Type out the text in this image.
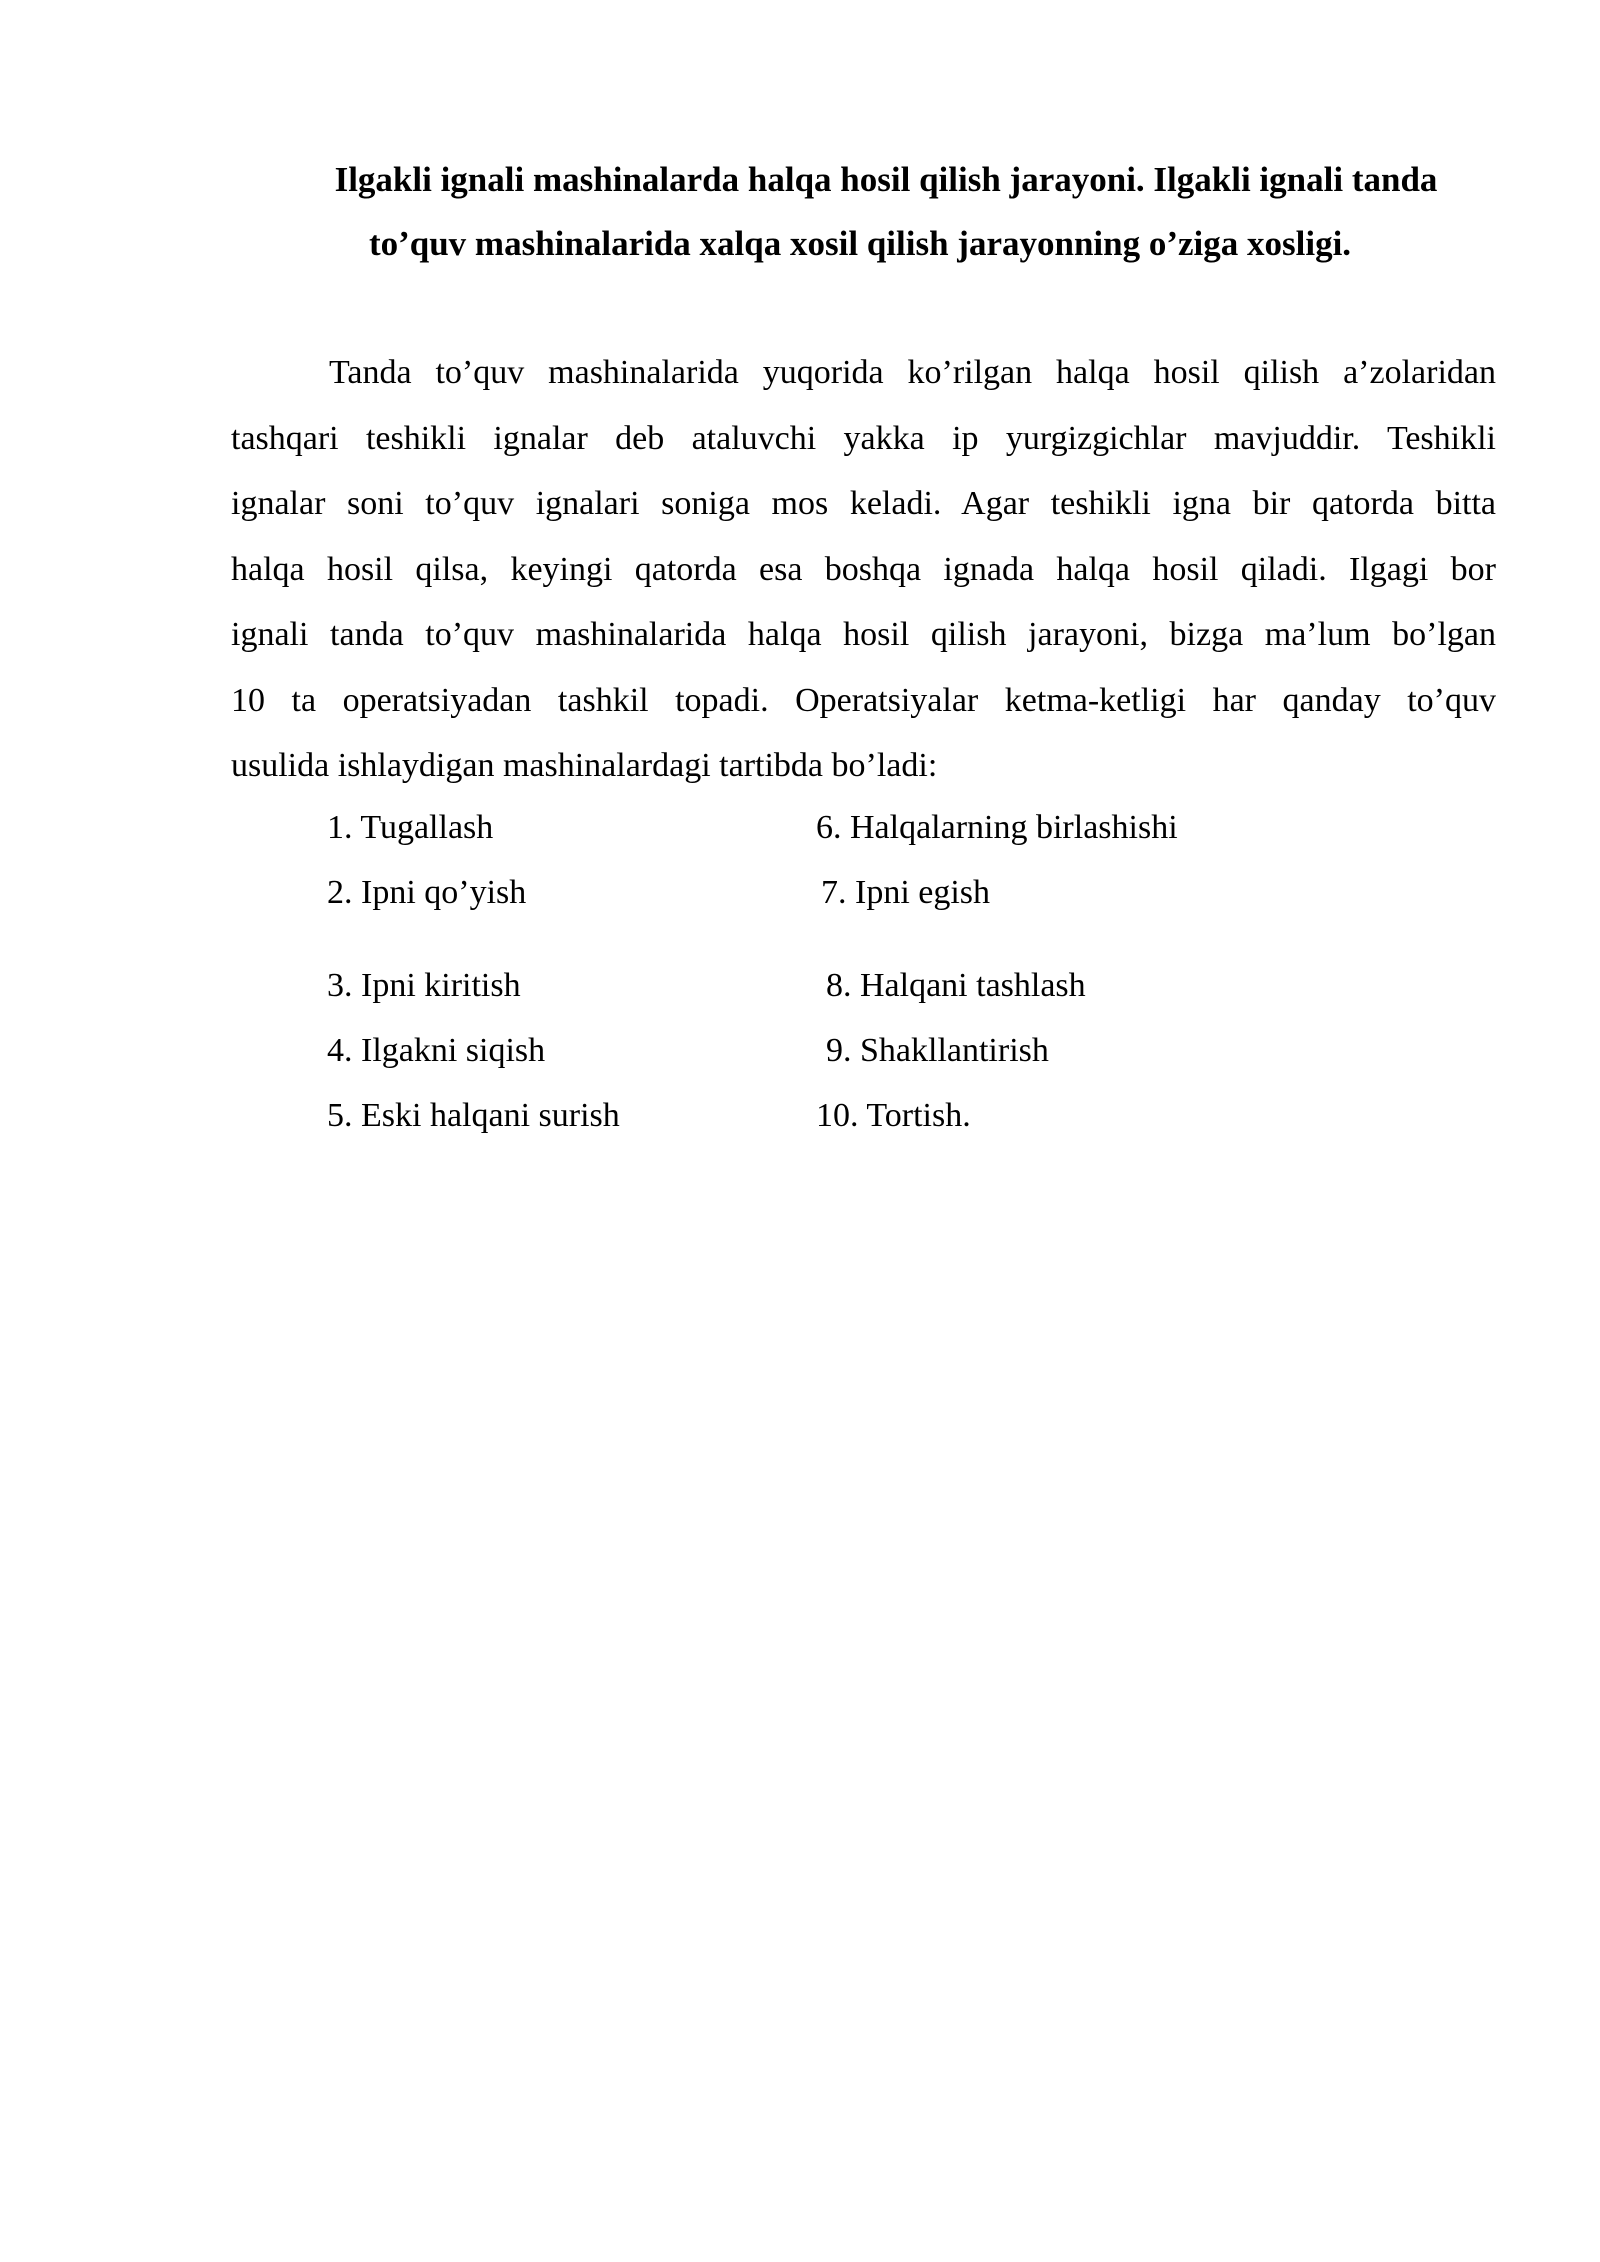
Ilgakli ignali mashinalarda halqa hosil qilish jarayoni. Ilgakli ignali tanda
to’quv mashinalarida xalqa xosil qilish jarayonning o’ziga xosligi.
Tanda to’quv mashinalarida yuqorida ko’rilgan halqa hosil qilish a’zolaridan
tashqari teshikli ignalar deb ataluvchi yakka ip yurgizgichlar mavjuddir. Teshikli
ignalar soni to’quv ignalari soniga mos keladi. Agar teshikli igna bir qatorda bitta
halqa hosil qilsa, keyingi qatorda esa boshqa ignada halqa hosil qiladi. Ilgagi bor
ignali tanda to’quv mashinalarida halqa hosil qilish jarayoni, bizga ma’lum bo’lgan
10 ta operatsiyadan tashkil topadi. Operatsiyalar ketma-ketligi har qanday to’quv
usulida ishlaydigan mashinalardagi tartibda bo’ladi:
1. Tugallash
2. Ipni qo’yish
3. Ipni kiritish
4. Ilgakni siqish
5. Eski halqani surish
6. Halqalarning birlashishi
7. Ipni egish
8. Halqani tashlash
9. Shakllantirish
10. Tortish.
